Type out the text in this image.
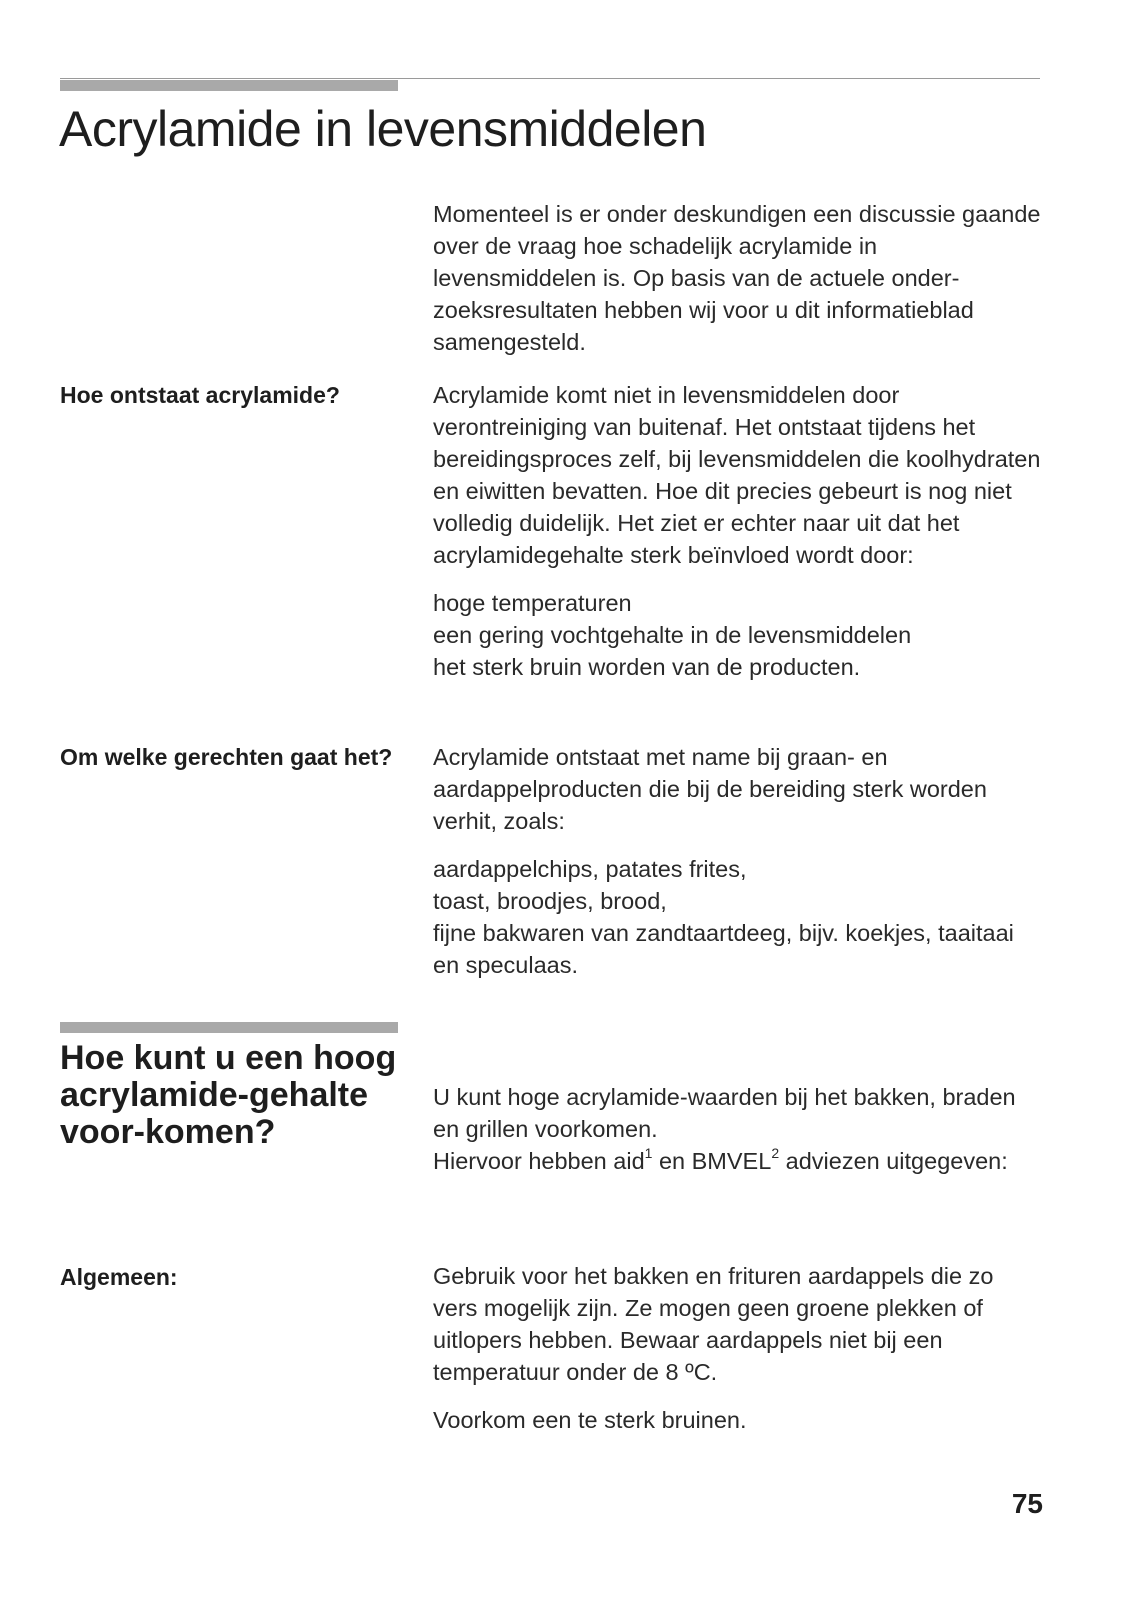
Acrylamide in levensmiddelen
Momenteel is er onder deskundigen een discussie gaande over de vraag hoe schadelijk acrylamide in levensmiddelen is. Op basis van de actuele onder-zoeksresultaten hebben wij voor u dit informatieblad samengesteld.
Hoe ontstaat acrylamide?	Acrylamide komt niet in levensmiddelen door verontreiniging van buitenaf. Het ontstaat tijdens het bereidingsproces zelf, bij levensmiddelen die koolhydraten en eiwitten bevatten. Hoe dit precies gebeurt is nog niet volledig duidelijk. Het ziet er echter naar uit dat het acrylamidegehalte sterk beïnvloed wordt door:

hoge temperaturen
een gering vochtgehalte in de levensmiddelen
het sterk bruin worden van de producten.
Om welke gerechten gaat het?	Acrylamide ontstaat met name bij graan- en aardappelproducten die bij de bereiding sterk worden verhit, zoals:

aardappelchips, patates frites,
toast, broodjes, brood,
fijne bakwaren van zandtaartdeeg, bijv. koekjes, taaitaai en speculaas.
Hoe kunt u een hoog acrylamide-gehalte voor-komen?

U kunt hoge acrylamide-waarden bij het bakken, braden en grillen voorkomen.

Hiervoor hebben aid$^1$ en BMVEL$^2$ adviezen uitgegeven:

Algemeen:	Gebruik voor het bakken en frituren aardappels die zo vers mogelijk zijn. Ze mogen geen groene plekken of uitlopers hebben. Bewaar aardappels niet bij een temperatuur onder de 8 ºC.

Voorkom een te sterk bruinen.

75
